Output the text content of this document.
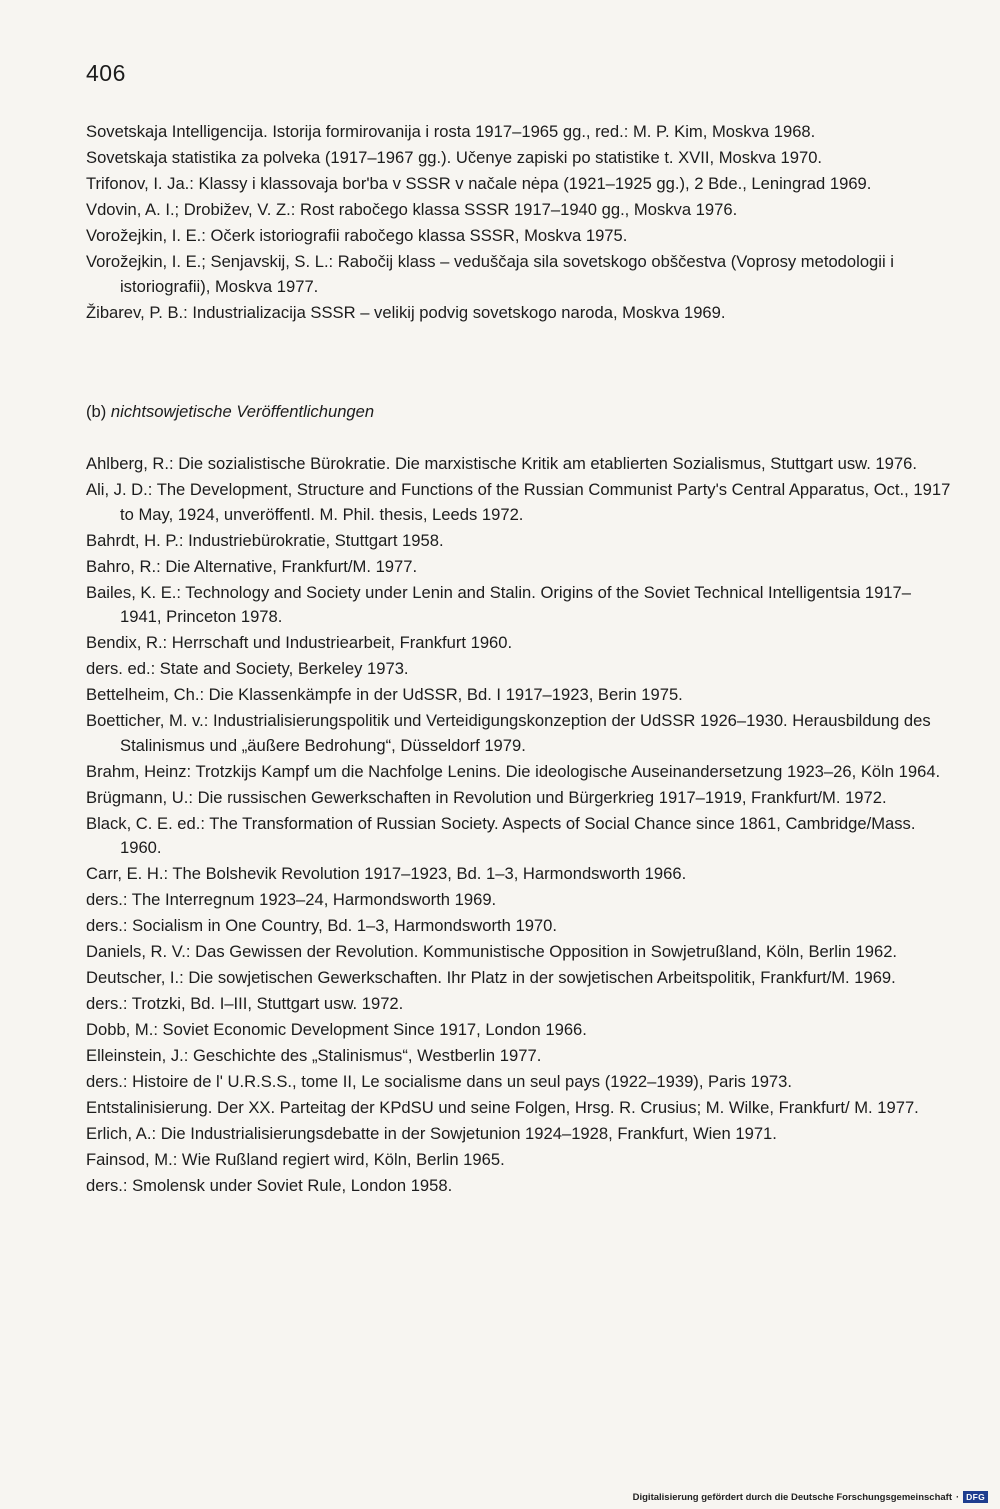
406

Sovetskaja Intelligencija. Istorija formirovanija i rosta 1917–1965 gg., red.: M. P. Kim, Moskva 1968.

Sovetskaja statistika za polveka (1917–1967 gg.). Učenye zapiski po statistike t. XVII, Moskva 1970.

Trifonov, I. Ja.: Klassy i klassovaja bor'ba v SSSR v načale nėpa (1921–1925 gg.), 2 Bde., Leningrad 1969.

Vdovin, A. I.; Drobižev, V. Z.: Rost rabočego klassa SSSR 1917–1940 gg., Moskva 1976.

Vorožejkin, I. E.: Očerk istoriografii rabočego klassa SSSR, Moskva 1975.

Vorožejkin, I. E.; Senjavskij, S. L.: Rabočij klass – veduščaja sila sovetskogo obščestva (Voprosy metodologii i istoriografii), Moskva 1977.

Žibarev, P. B.: Industrializacija SSSR – velikij podvig sovetskogo naroda, Moskva 1969.

(b) nichtsowjetische Veröffentlichungen

Ahlberg, R.: Die sozialistische Bürokratie. Die marxistische Kritik am etablierten Sozialismus, Stuttgart usw. 1976.

Ali, J. D.: The Development, Structure and Functions of the Russian Communist Party's Central Apparatus, Oct., 1917 to May, 1924, unveröffentl. M. Phil. thesis, Leeds 1972.

Bahrdt, H. P.: Industriebürokratie, Stuttgart 1958.

Bahro, R.: Die Alternative, Frankfurt/M. 1977.

Bailes, K. E.: Technology and Society under Lenin and Stalin. Origins of the Soviet Technical Intelligentsia 1917–1941, Princeton 1978.

Bendix, R.: Herrschaft und Industriearbeit, Frankfurt 1960.

ders. ed.: State and Society, Berkeley 1973.

Bettelheim, Ch.: Die Klassenkämpfe in der UdSSR, Bd. I 1917–1923, Berin 1975.

Boetticher, M. v.: Industrialisierungspolitik und Verteidigungskonzeption der UdSSR 1926–1930. Herausbildung des Stalinismus und „äußere Bedrohung“, Düsseldorf 1979.

Brahm, Heinz: Trotzkijs Kampf um die Nachfolge Lenins. Die ideologische Auseinandersetzung 1923–26, Köln 1964.

Brügmann, U.: Die russischen Gewerkschaften in Revolution und Bürgerkrieg 1917–1919, Frankfurt/M. 1972.

Black, C. E. ed.: The Transformation of Russian Society. Aspects of Social Chance since 1861, Cambridge/Mass. 1960.

Carr, E. H.: The Bolshevik Revolution 1917–1923, Bd. 1–3, Harmondsworth 1966.

ders.: The Interregnum 1923–24, Harmondsworth 1969.

ders.: Socialism in One Country, Bd. 1–3, Harmondsworth 1970.

Daniels, R. V.: Das Gewissen der Revolution. Kommunistische Opposition in Sowjetrußland, Köln, Berlin 1962.

Deutscher, I.: Die sowjetischen Gewerkschaften. Ihr Platz in der sowjetischen Arbeitspolitik, Frankfurt/M. 1969.

ders.: Trotzki, Bd. I–III, Stuttgart usw. 1972.

Dobb, M.: Soviet Economic Development Since 1917, London 1966.

Elleinstein, J.: Geschichte des „Stalinismus“, Westberlin 1977.

ders.: Histoire de l' U.R.S.S., tome II, Le socialisme dans un seul pays (1922–1939), Paris 1973.

Entstalinisierung. Der XX. Parteitag der KPdSU und seine Folgen, Hrsg. R. Crusius; M. Wilke, Frankfurt/ M. 1977.

Erlich, A.: Die Industrialisierungsdebatte in der Sowjetunion 1924–1928, Frankfurt, Wien 1971.

Fainsod, M.: Wie Rußland regiert wird, Köln, Berlin 1965.

ders.: Smolensk under Soviet Rule, London 1958.

Digitalisierung gefördert durch die Deutsche Forschungsgemeinschaft · DFG
